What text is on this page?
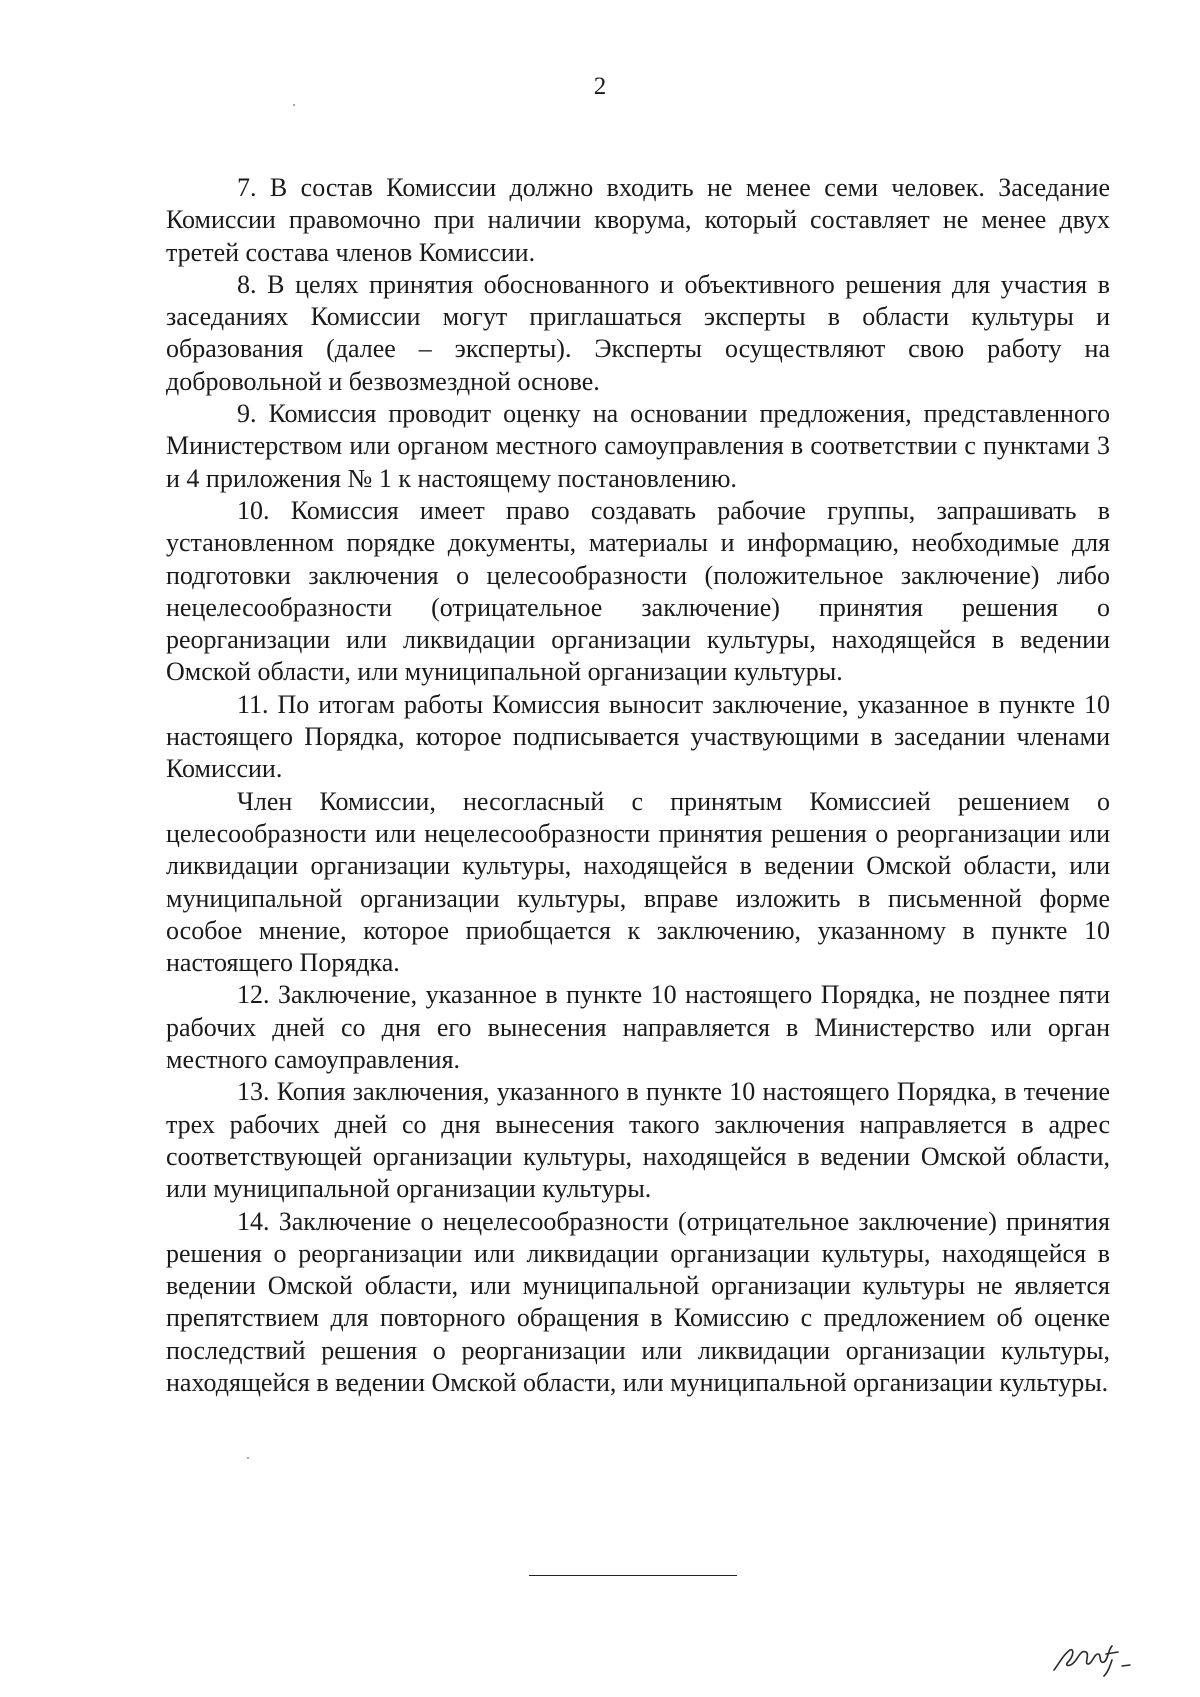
2

7. В состав Комиссии должно входить не менее семи человек. Заседание Комиссии правомочно при наличии кворума, который составляет не менее двух третей состава членов Комиссии.

8. В целях принятия обоснованного и объективного решения для участия в заседаниях Комиссии могут приглашаться эксперты в области культуры и образования (далее – эксперты). Эксперты осуществляют свою работу на добровольной и безвозмездной основе.

9. Комиссия проводит оценку на основании предложения, представленного Министерством или органом местного самоуправления в соответствии с пунктами 3 и 4 приложения № 1 к настоящему постановлению.

10. Комиссия имеет право создавать рабочие группы, запрашивать в установленном порядке документы, материалы и информацию, необходимые для подготовки заключения о целесообразности (положительное заключение) либо нецелесообразности (отрицательное заключение) принятия решения о реорганизации или ликвидации организации культуры, находящейся в ведении Омской области, или муниципальной организации культуры.

11. По итогам работы Комиссия выносит заключение, указанное в пункте 10 настоящего Порядка, которое подписывается участвующими в заседании членами Комиссии.

Член Комиссии, несогласный с принятым Комиссией решением о целесообразности или нецелесообразности принятия решения о реорганизации или ликвидации организации культуры, находящейся в ведении Омской области, или муниципальной организации культуры, вправе изложить в письменной форме особое мнение, которое приобщается к заключению, указанному в пункте 10 настоящего Порядка.

12. Заключение, указанное в пункте 10 настоящего Порядка, не позднее пяти рабочих дней со дня его вынесения направляется в Министерство или орган местного самоуправления.

13. Копия заключения, указанного в пункте 10 настоящего Порядка, в течение трех рабочих дней со дня вынесения такого заключения направляется в адрес соответствующей организации культуры, находящейся в ведении Омской области, или муниципальной организации культуры.

14. Заключение о нецелесообразности (отрицательное заключение) принятия решения о реорганизации или ликвидации организации культуры, находящейся в ведении Омской области, или муниципальной организации культуры не является препятствием для повторного обращения в Комиссию с предложением об оценке последствий решения о реорганизации или ликвидации организации культуры, находящейся в ведении Омской области, или муниципальной организации культуры.
